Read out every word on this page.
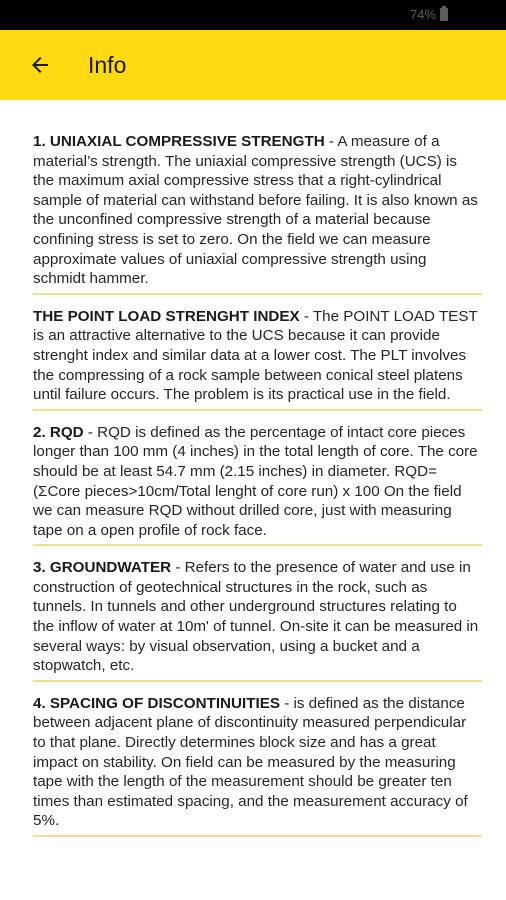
74%
Info

1. UNIAXIAL COMPRESSIVE STRENGTH - A measure of a material’s strength. The uniaxial compressive strength (UCS) is the maximum axial compressive stress that a right-cylindrical sample of material can withstand before failing. It is also known as the unconfined compressive strength of a material because confining stress is set to zero. On the field we can measure approximate values of uniaxial compressive strength using schmidt hammer.

THE POINT LOAD STRENGHT INDEX - The POINT LOAD TEST is an attractive alternative to the UCS because it can provide strenght index and similar data at a lower cost. The PLT involves the compressing of a rock sample between conical steel platens until failure occurs. The problem is its practical use in the field.

2. RQD - RQD is defined as the percentage of intact core pieces longer than 100 mm (4 inches) in the total length of core. The core should be at least 54.7 mm (2.15 inches) in diameter. RQD= (ΣCore pieces>10cm/Total lenght of core run) x 100 On the field we can measure RQD without drilled core, just with measuring tape on a open profile of rock face.

3. GROUNDWATER - Refers to the presence of water and use in construction of geotechnical structures in the rock, such as tunnels. In tunnels and other underground structures relating to the inflow of water at 10m' of tunnel. On-site it can be measured in several ways: by visual observation, using a bucket and a stopwatch, etc.

4. SPACING OF DISCONTINUITIES - is defined as the distance between adjacent plane of discontinuity measured perpendicular to that plane. Directly determines block size and has a great impact on stability. On field can be measured by the measuring tape with the length of the measurement should be greater ten times than estimated spacing, and the measurement accuracy of 5%.
